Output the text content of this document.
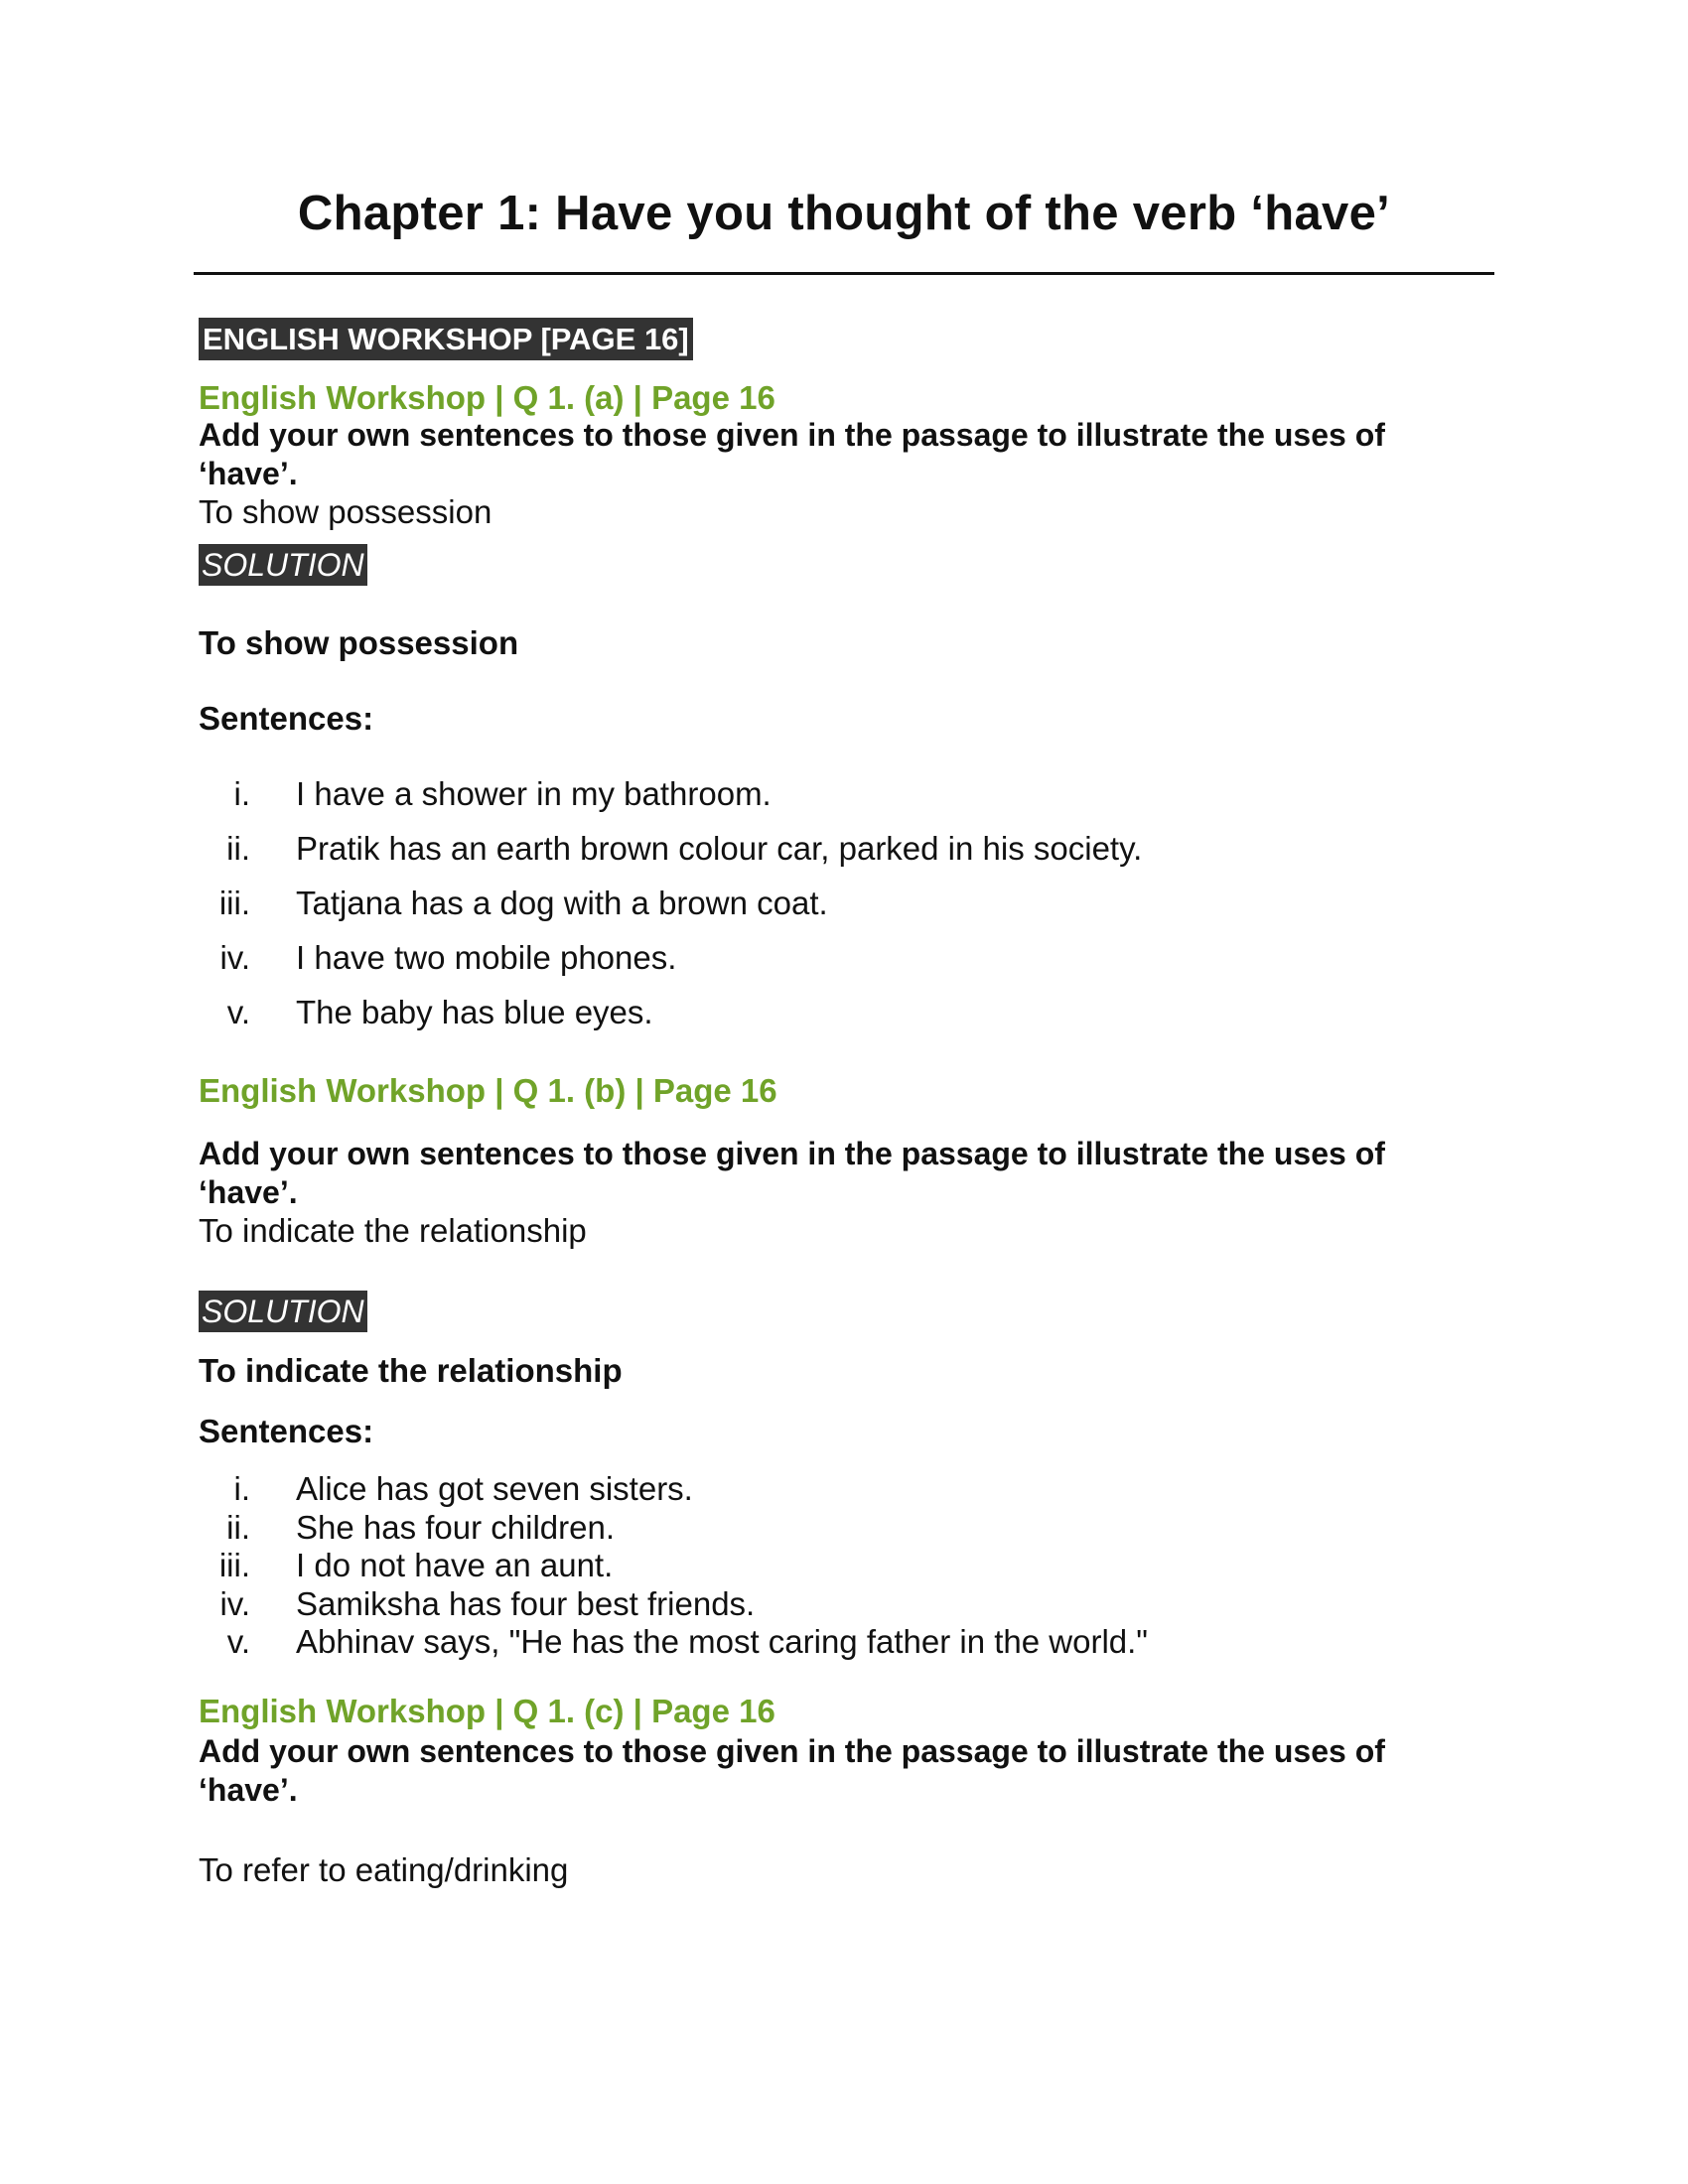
Chapter 1: Have you thought of the verb ‘have’
ENGLISH WORKSHOP [PAGE 16]
English Workshop | Q 1. (a) | Page 16

Add your own sentences to those given in the passage to illustrate the uses of ‘have’.

To show possession

SOLUTION

To show possession

Sentences:

i. I have a shower in my bathroom.
ii. Pratik has an earth brown colour car, parked in his society.
iii. Tatjana has a dog with a brown coat.
iv. I have two mobile phones.
v. The baby has blue eyes.
English Workshop | Q 1. (b) | Page 16

Add your own sentences to those given in the passage to illustrate the uses of ‘have’.

To indicate the relationship

SOLUTION

To indicate the relationship

Sentences:

i. Alice has got seven sisters.
ii. She has four children.
iii. I do not have an aunt.
iv. Samiksha has four best friends.
v. Abhinav says, "He has the most caring father in the world."
English Workshop | Q 1. (c) | Page 16

Add your own sentences to those given in the passage to illustrate the uses of ‘have’.

To refer to eating/drinking
